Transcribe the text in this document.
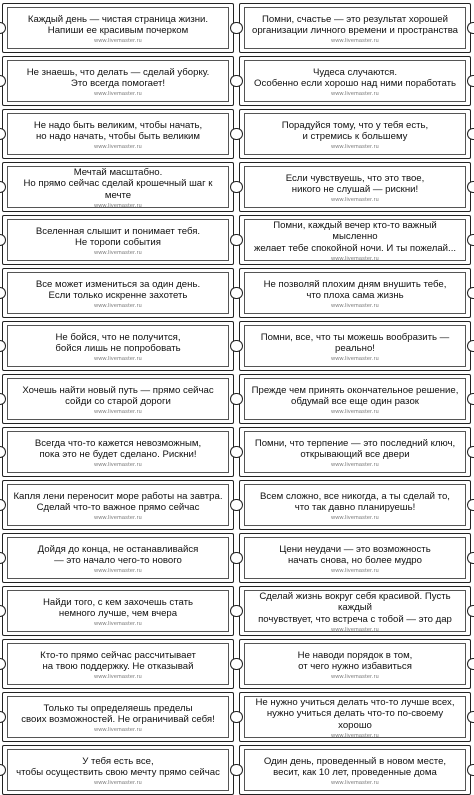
Каждый день — чистая страница жизни.
Напиши ее красивым почерком
www.livemaster.ru
Помни, счастье — это результат хорошей
организации личного времени и пространства
www.livemaster.ru
Не знаешь, что делать — сделай уборку.
Это всегда помогает!
www.livemaster.ru
Чудеса случаются.
Особенно если хорошо над ними поработать
www.livemaster.ru
Не надо быть великим, чтобы начать,
но надо начать, чтобы быть великим
www.livemaster.ru
Порадуйся тому, что у тебя есть,
и стремись к большему
www.livemaster.ru
Мечтай масштабно.
Но прямо сейчас сделай крошечный шаг к мечте
www.livemaster.ru
Если чувствуешь, что это твое,
никого не слушай — рискни!
www.livemaster.ru
Вселенная слышит и понимает тебя.
Не торопи события
www.livemaster.ru
Помни, каждый вечер кто-то важный мысленно
желает тебе спокойной ночи. И ты пожелай...
www.livemaster.ru
Все может измениться за один день.
Если только искренне захотеть
www.livemaster.ru
Не позволяй плохим дням внушить тебе,
что плоха сама жизнь
www.livemaster.ru
Не бойся, что не получится,
бойся лишь не попробовать
www.livemaster.ru
Помни, все, что ты можешь вообразить — реально!
www.livemaster.ru
Хочешь найти новый путь — прямо сейчас
сойди со старой дороги
www.livemaster.ru
Прежде чем принять окончательное решение,
обдумай все еще один разок
www.livemaster.ru
Всегда что-то кажется невозможным,
пока это не будет сделано. Рискни!
www.livemaster.ru
Помни, что терпение — это последний ключ,
открывающий все двери
www.livemaster.ru
Капля лени переносит море работы на завтра.
Сделай что-то важное прямо сейчас
www.livemaster.ru
Всем сложно, все никогда, а ты сделай то,
что так давно планируешь!
www.livemaster.ru
Дойдя до конца, не останавливайся
— это начало чего-то нового
www.livemaster.ru
Цени неудачи — это возможность
начать снова, но более мудро
www.livemaster.ru
Найди того, с кем захочешь стать
немного лучше, чем вчера
www.livemaster.ru
Сделай жизнь вокруг себя красивой. Пусть каждый
почувствует, что встреча с тобой — это дар
www.livemaster.ru
Кто-то прямо сейчас рассчитывает
на твою поддержку. Не отказывай
www.livemaster.ru
Не наводи порядок в том,
от чего нужно избавиться
www.livemaster.ru
Только ты определяешь пределы
своих возможностей. Не ограничивай себя!
www.livemaster.ru
Не нужно учиться делать что-то лучше всех,
нужно учиться делать что-то по-своему хорошо
www.livemaster.ru
У тебя есть все,
чтобы осуществить свою мечту прямо сейчас
www.livemaster.ru
Один день, проведенный в новом месте,
весит, как 10 лет, проведенные дома
www.livemaster.ru
